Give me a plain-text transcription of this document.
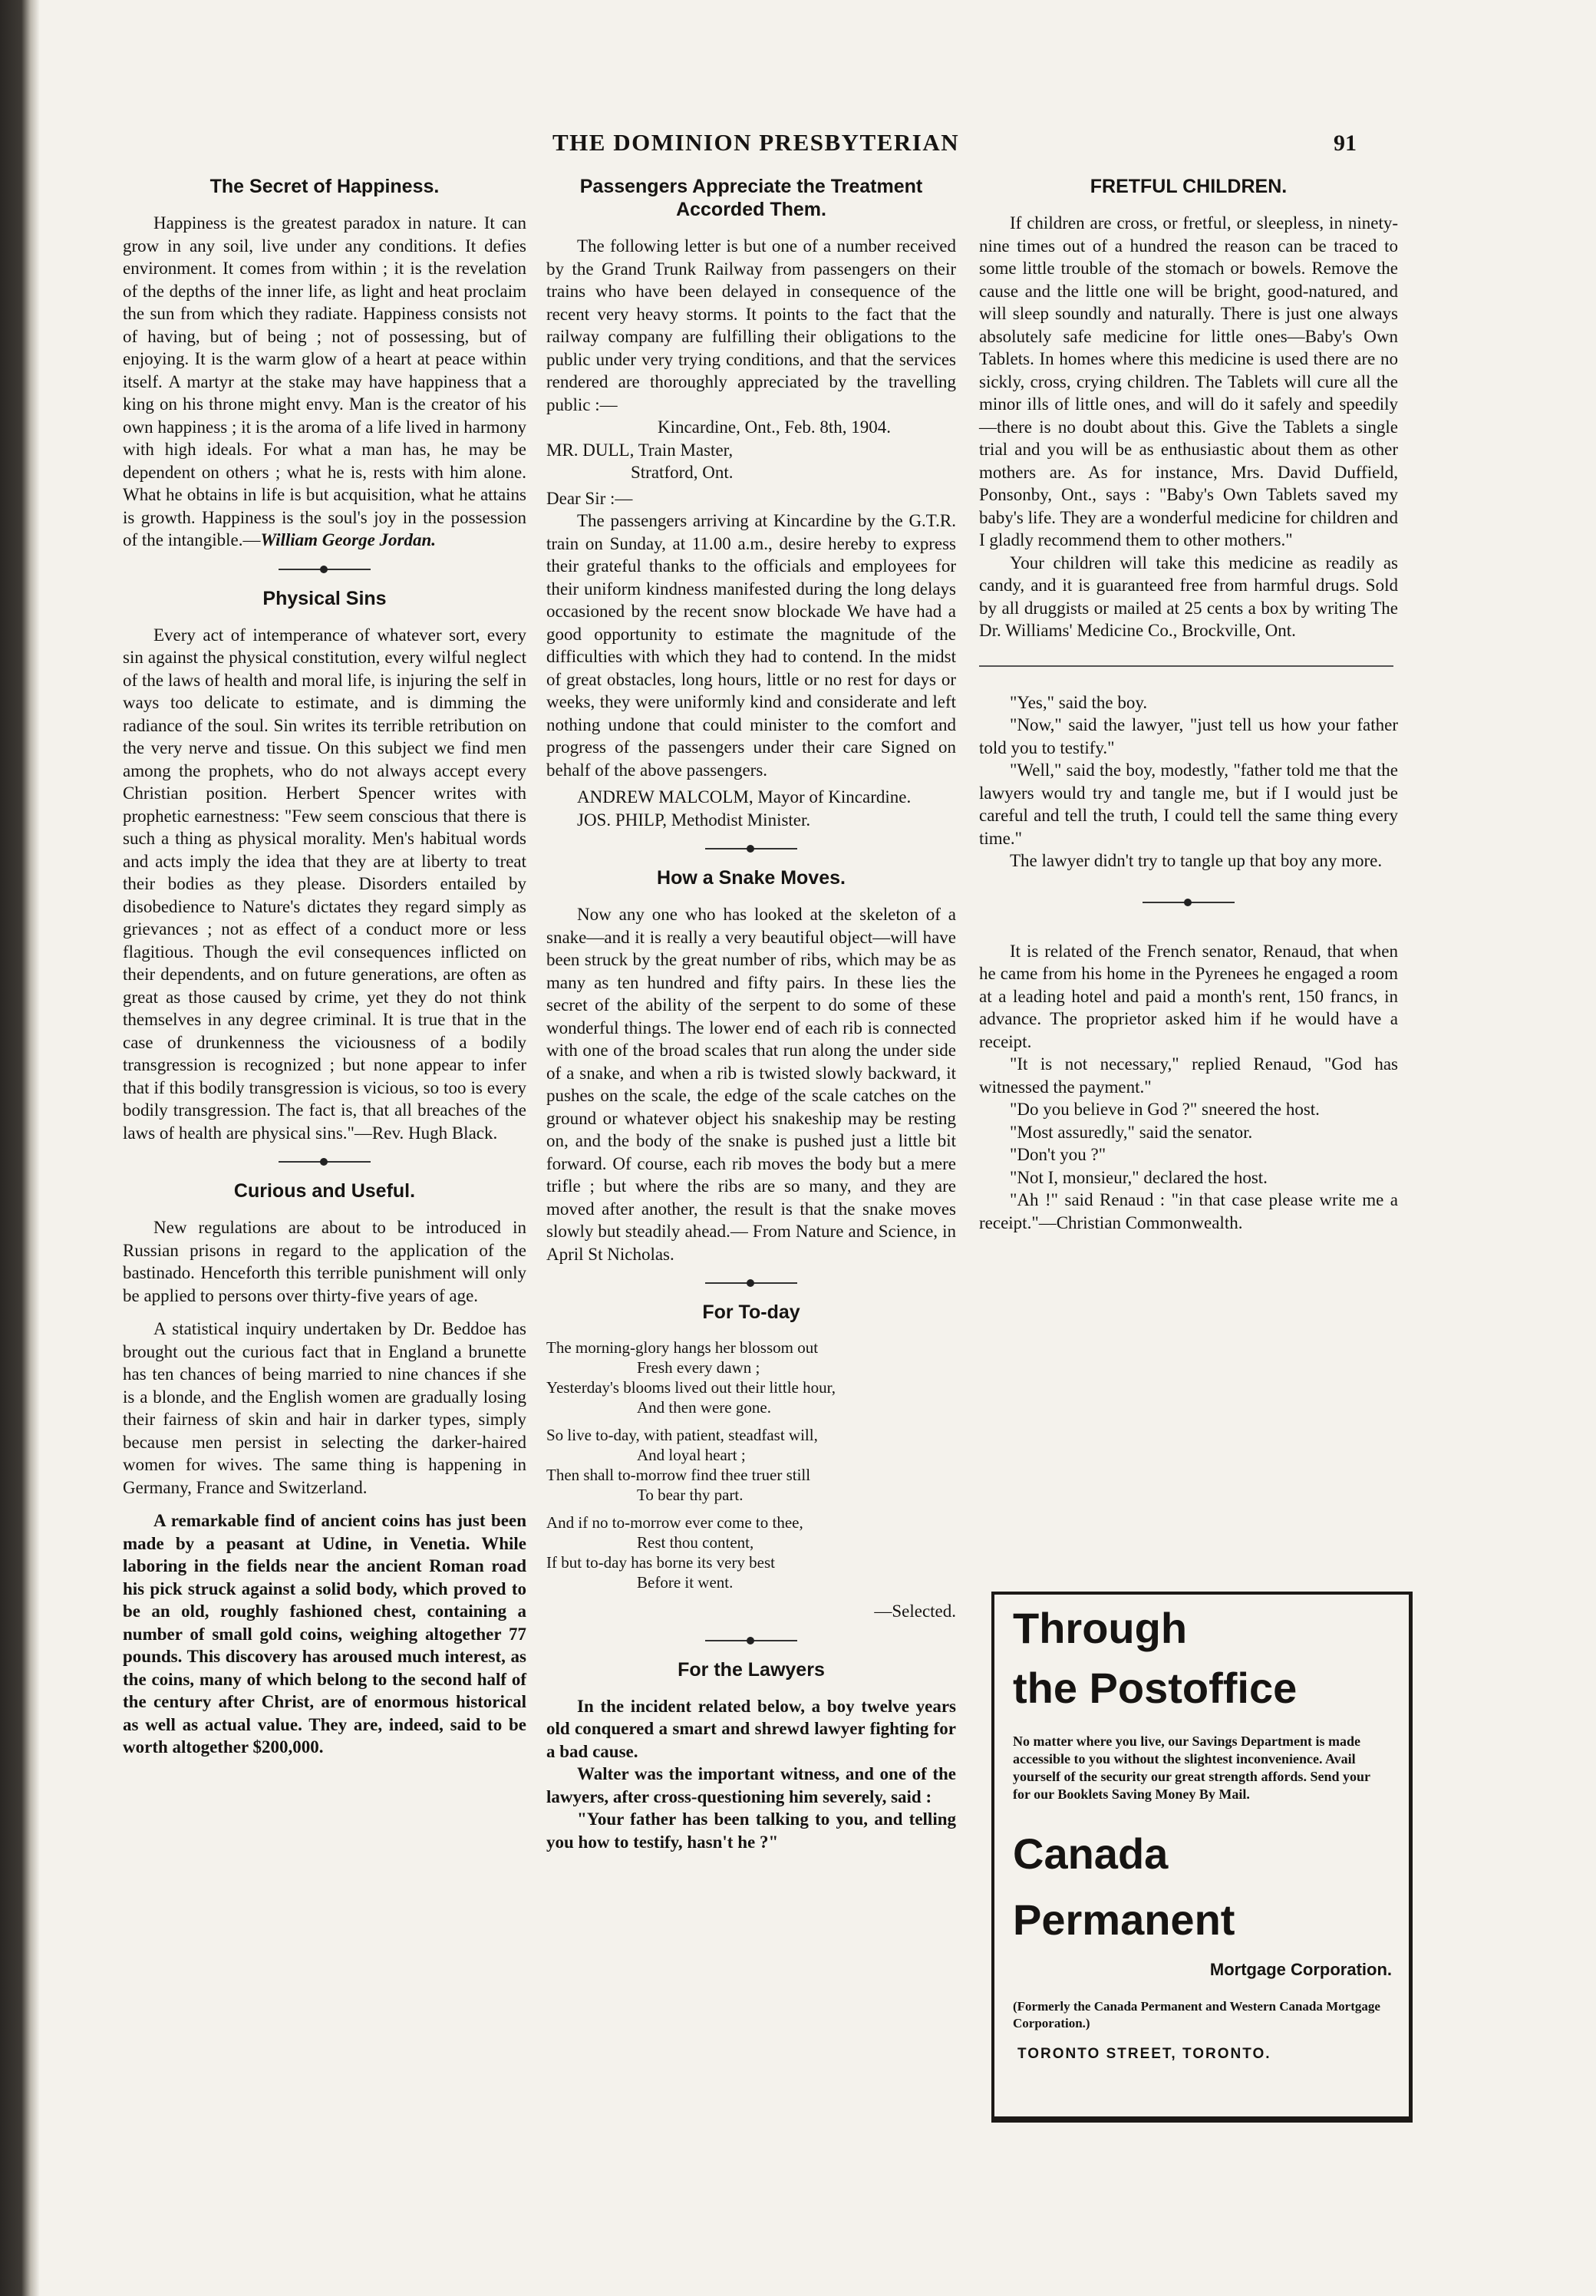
THE DOMINION PRESBYTERIAN	91
The Secret of Happiness.

Happiness is the greatest paradox in nature. It can grow in any soil, live under any conditions. It defies environment. It comes from within ; it is the revelation of the depths of the inner life, as light and heat proclaim the sun from which they radiate. Happiness consists not of having, but of being ; not of possessing, but of enjoying. It is the warm glow of a heart at peace within itself. A martyr at the stake may have happiness that a king on his throne might envy. Man is the creator of his own happiness ; it is the aroma of a life lived in harmony with high ideals. For what a man has, he may be dependent on others ; what he is, rests with him alone. What he obtains in life is but acquisition, what he attains is growth. Happiness is the soul's joy in the possession of the intangible.—William George Jordan.

Physical Sins

Every act of intemperance of whatever sort, every sin against the physical constitution, every wilful neglect of the laws of health and moral life, is injuring the self in ways too delicate to estimate, and is dimming the radiance of the soul. Sin writes its terrible retribution on the very nerve and tissue. On this subject we find men among the prophets, who do not always accept every Christian position. Herbert Spencer writes with prophetic earnestness: "Few seem conscious that there is such a thing as physical morality. Men's habitual words and acts imply the idea that they are at liberty to treat their bodies as they please. Disorders entailed by disobedience to Nature's dictates they regard simply as grievances ; not as effect of a conduct more or less flagitious. Though the evil consequences inflicted on their dependents, and on future generations, are often as great as those caused by crime, yet they do not think themselves in any degree criminal. It is true that in the case of drunkenness the viciousness of a bodily transgression is recognized ; but none appear to infer that if this bodily transgression is vicious, so too is every bodily transgression. The fact is, that all breaches of the laws of health are physical sins."—Rev. Hugh Black.

Curious and Useful.

New regulations are about to be introduced in Russian prisons in regard to the application of the bastinado. Henceforth this terrible punishment will only be applied to persons over thirty-five years of age.

A statistical inquiry undertaken by Dr. Beddoe has brought out the curious fact that in England a brunette has ten chances of being married to nine chances if she is a blonde, and the English women are gradually losing their fairness of skin and hair in darker types, simply because men persist in selecting the darker-haired women for wives. The same thing is happening in Germany, France and Switzerland.

A remarkable find of ancient coins has just been made by a peasant at Udine, in Venetia. While laboring in the fields near the ancient Roman road his pick struck against a solid body, which proved to be an old, roughly fashioned chest, containing a number of small gold coins, weighing altogether 77 pounds. This discovery has aroused much interest, as the coins, many of which belong to the second half of the century after Christ, are of enormous historical as well as actual value. They are, indeed, said to be worth altogether $200,000.

Passengers Appreciate the Treatment Accorded Them.

The following letter is but one of a number received by the Grand Trunk Railway from passengers on their trains who have been delayed in consequence of the recent very heavy storms. It points to the fact that the railway company are fulfilling their obligations to the public under very trying conditions, and that the services rendered are thoroughly appreciated by the travelling public :—

Kincardine, Ont., Feb. 8th, 1904.

MR. DULL, Train Master,

Stratford, Ont.

Dear Sir :—

The passengers arriving at Kincardine by the G.T.R. train on Sunday, at 11.00 a.m., desire hereby to express their grateful thanks to the officials and employees for their uniform kindness manifested during the long delays occasioned by the recent snow blockade We have had a good opportunity to estimate the magnitude of the difficulties with which they had to contend. In the midst of great obstacles, long hours, little or no rest for days or weeks, they were uniformly kind and considerate and left nothing undone that could minister to the comfort and progress of the passengers under their care Signed on behalf of the above passengers.

ANDREW MALCOLM, Mayor of Kincardine.

JOS. PHILP, Methodist Minister.

How a Snake Moves.

Now any one who has looked at the skeleton of a snake—and it is really a very beautiful object—will have been struck by the great number of ribs, which may be as many as ten hundred and fifty pairs. In these lies the secret of the ability of the serpent to do some of these wonderful things. The lower end of each rib is connected with one of the broad scales that run along the under side of a snake, and when a rib is twisted slowly backward, it pushes on the scale, the edge of the scale catches on the ground or whatever object his snakeship may be resting on, and the body of the snake is pushed just a little bit forward. Of course, each rib moves the body but a mere trifle ; but where the ribs are so many, and they are moved after another, the result is that the snake moves slowly but steadily ahead.— From Nature and Science, in April St Nicholas.

For To-day
The morning-glory hangs her blossom out
Fresh every dawn ;
Yesterday's blooms lived out their little hour,
And then were gone.
So live to-day, with patient, steadfast will,
And loyal heart ;
Then shall to-morrow find thee truer still
To bear thy part.
And if no to-morrow ever come to thee,
Rest thou content,
If but to-day has borne its very best
Before it went.

—Selected.

For the Lawyers

In the incident related below, a boy twelve years old conquered a smart and shrewd lawyer fighting for a bad cause.

Walter was the important witness, and one of the lawyers, after cross-questioning him severely, said :

"Your father has been talking to you, and telling you how to testify, hasn't he ?"

FRETFUL CHILDREN.

If children are cross, or fretful, or sleepless, in ninety-nine times out of a hundred the reason can be traced to some little trouble of the stomach or bowels. Remove the cause and the little one will be bright, good-natured, and will sleep soundly and naturally. There is just one always absolutely safe medicine for little ones—Baby's Own Tablets. In homes where this medicine is used there are no sickly, cross, crying children. The Tablets will cure all the minor ills of little ones, and will do it safely and speedily—there is no doubt about this. Give the Tablets a single trial and you will be as enthusiastic about them as other mothers are. As for instance, Mrs. David Duffield, Ponsonby, Ont., says : "Baby's Own Tablets saved my baby's life. They are a wonderful medicine for children and I gladly recommend them to other mothers."

Your children will take this medicine as readily as candy, and it is guaranteed free from harmful drugs. Sold by all druggists or mailed at 25 cents a box by writing The Dr. Williams' Medicine Co., Brockville, Ont.

"Yes," said the boy.

"Now," said the lawyer, "just tell us how your father told you to testify."

"Well," said the boy, modestly, "father told me that the lawyers would try and tangle me, but if I would just be careful and tell the truth, I could tell the same thing every time."

The lawyer didn't try to tangle up that boy any more.

It is related of the French senator, Renaud, that when he came from his home in the Pyrenees he engaged a room at a leading hotel and paid a month's rent, 150 francs, in advance. The proprietor asked him if he would have a receipt.

"It is not necessary," replied Renaud, "God has witnessed the payment."

"Do you believe in God ?" sneered the host.

"Most assuredly," said the senator.

"Don't you ?"

"Not I, monsieur," declared the host.

"Ah !" said Renaud : "in that case please write me a receipt."—Christian Commonwealth.

Through
the Postoffice

No matter where you live, our Savings Department is made accessible to you without the slightest inconvenience. Avail yourself of the security our great strength affords. Send your for our Booklets Saving Money By Mail.

Canada
Permanent
Mortgage Corporation.
(Formerly the Canada Permanent and Western Canada Mortgage Corporation.)
TORONTO STREET, TORONTO.
